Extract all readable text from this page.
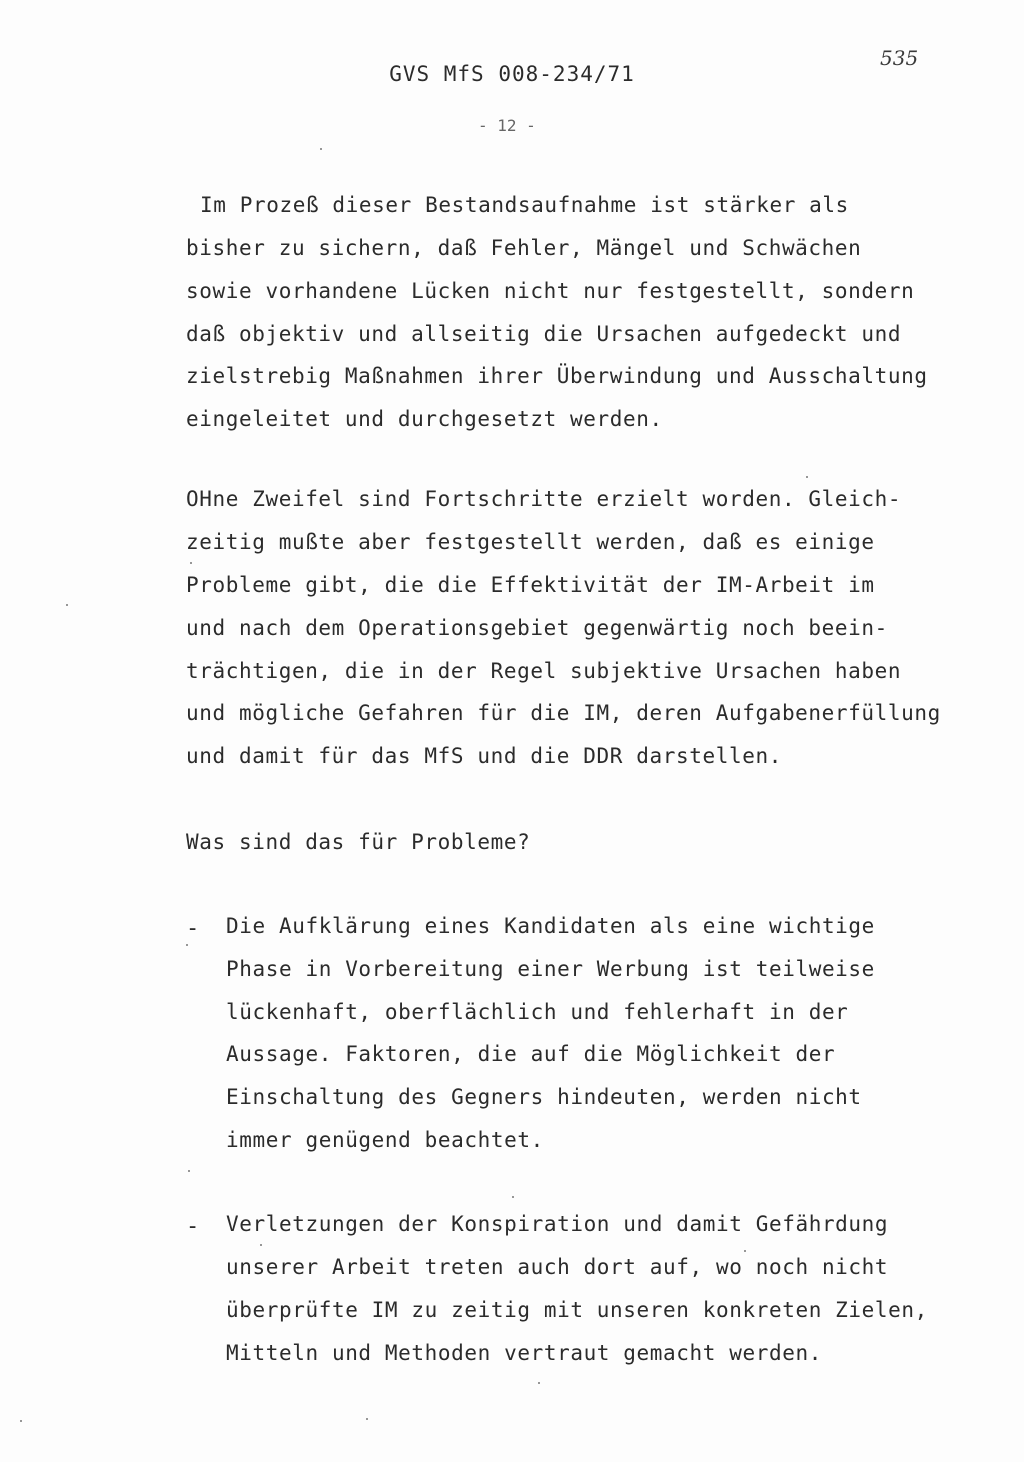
GVS MfS 008-234/71
535
- 12 -
Im Prozeß dieser Bestandsaufnahme ist stärker als
bisher zu sichern, daß Fehler, Mängel und Schwächen
sowie vorhandene Lücken nicht nur festgestellt, sondern
daß objektiv und allseitig die Ursachen aufgedeckt und
zielstrebig Maßnahmen ihrer Überwindung und Ausschaltung
eingeleitet und durchgesetzt werden.
OHne Zweifel sind Fortschritte erzielt worden. Gleich-
zeitig mußte aber festgestellt werden, daß es einige
Probleme gibt, die die Effektivität der IM-Arbeit im
und nach dem Operationsgebiet gegenwärtig noch beein-
trächtigen, die in der Regel subjektive Ursachen haben
und mögliche Gefahren für die IM, deren Aufgabenerfüllung
und damit für das MfS und die DDR darstellen.
Was sind das für Probleme?
- Die Aufklärung eines Kandidaten als eine wichtige
Phase in Vorbereitung einer Werbung ist teilweise
lückenhaft, oberflächlich und fehlerhaft in der
Aussage. Faktoren, die auf die Möglichkeit der
Einschaltung des Gegners hindeuten, werden nicht
immer genügend beachtet.
- Verletzungen der Konspiration und damit Gefährdung
unserer Arbeit treten auch dort auf, wo noch nicht
überprüfte IM zu zeitig mit unseren konkreten Zielen,
Mitteln und Methoden vertraut gemacht werden.
